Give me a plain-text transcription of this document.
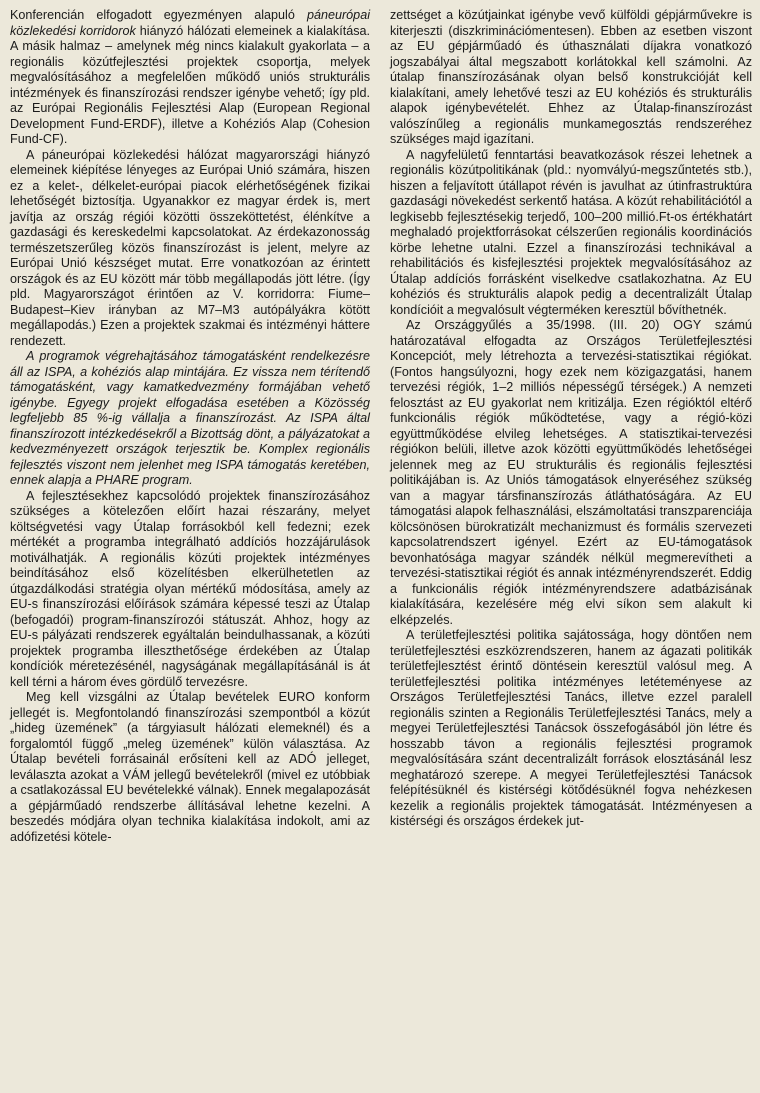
Konferencián elfogadott egyezményen alapuló páneurópai közlekedési korridorok hiányzó hálózati elemeinek a kialakítása. A másik halmaz – amelynek még nincs kialakult gyakorlata – a regionális közútfejlesztési projektek csoportja, melyek megvalósításához a megfelelően működő uniós strukturális intézmények és finanszírozási rendszer igénybe vehető; így pld. az Európai Regionális Fejlesztési Alap (European Regional Development Fund-ERDF), illetve a Kohéziós Alap (Cohesion Fund-CF).

A páneurópai közlekedési hálózat magyarországi hiányzó elemeinek kiépítése lényeges az Európai Unió számára, hiszen ez a kelet-, délkelet-európai piacok elérhetőségének fizikai lehetőségét biztosítja. Ugyanakkor ez magyar érdek is, mert javítja az ország régiói közötti összeköttetést, élénkítve a gazdasági és kereskedelmi kapcsolatokat. Az érdekazonosság természetszerűleg közös finanszírozást is jelent, melyre az Európai Unió készséget mutat. Erre vonatkozóan az érintett országok és az EU között már több megállapodás jött létre. (Így pld. Magyarországot érintően az V. korridorra: Fiume–Budapest–Kiev irányban az M7–M3 autópályákra kötött megállapodás.) Ezen a projektek szakmai és intézményi háttere rendezett.

A programok végrehajtásához támogatásként rendelkezésre áll az ISPA, a kohéziós alap mintájára. Ez vissza nem térítendő támogatásként, vagy kamatkedvezmény formájában vehető igénybe. Egyegy projekt elfogadása esetében a Közösség legfeljebb 85 %-ig vállalja a finanszírozást. Az ISPA által finanszírozott intézkedésekről a Bizottság dönt, a pályázatokat a kedvezményezett országok terjesztik be. Komplex regionális fejlesztés viszont nem jelenhet meg ISPA támogatás keretében, ennek alapja a PHARE program.

A fejlesztésekhez kapcsolódó projektek finanszírozásához szükséges a kötelezően előírt hazai részarány, melyet költségvetési vagy Útalap forrásokból kell fedezni; ezek mértékét a programba integrálható addíciós hozzájárulások motiválhatják. A regionális közúti projektek intézményes beindításához első közelítésben elkerülhetetlen az útgazdálkodási stratégia olyan mértékű módosítása, amely az EU-s finanszírozási előírások számára képessé teszi az Útalap (befogadói) program-finanszírozói státuszát. Ahhoz, hogy az EU-s pályázati rendszerek egyáltalán beindulhassanak, a közúti projektek programba illeszthetősége érdekében az Útalap kondíciók méretezésénél, nagyságának megállapításánál is át kell térni a három éves gördülő tervezésre.

Meg kell vizsgálni az Útalap bevételek EURO konform jellegét is. Megfontolandó finanszírozási szempontból a közút „hideg üzemének” (a tárgyiasult hálózati elemeknél) és a forgalomtól függő „meleg üzemének” külön választása. Az Útalap bevételi forrásainál erősíteni kell az ADÓ jelleget, leválaszta azokat a VÁM jellegű bevételekről (mivel ez utóbbiak a csatlakozással EU bevételekké válnak). Ennek megalapozását a gépjárműadó rendszerbe állításával lehetne kezelni. A beszedés módjára olyan technika kialakítása indokolt, ami az adófizetési kötele-

zettséget a közútjainkat igénybe vevő külföldi gépjárművekre is kiterjeszti (diszkriminációmentesen). Ebben az esetben viszont az EU gépjárműadó és úthasználati díjakra vonatkozó jogszabályai által megszabott korlátokkal kell számolni. Az útalap finanszírozásának olyan belső konstrukcióját kell kialakítani, amely lehetővé teszi az EU kohéziós és strukturális alapok igénybevételét. Ehhez az Útalap-finanszírozást valószínűleg a regionális munkamegosztás rendszeréhez szükséges majd igazítani.

A nagyfelületű fenntartási beavatkozások részei lehetnek a regionális közútpolitikának (pld.: nyomvályú-megszűntetés stb.), hiszen a feljavított útállapot révén is javulhat az útinfrastruktúra gazdasági növekedést serkentő hatása. A közút rehabilitációtól a legkisebb fejlesztésekig terjedő, 100–200 millió.Ft-os értékhatárt meghaladó projektforrásokat célszerűen regionális koordinációs körbe lehetne utalni. Ezzel a finanszírozási technikával a rehabilitációs és kisfejlesztési projektek megvalósításához az Útalap addíciós forrásként viselkedve csatlakozhatna. Az EU kohéziós és strukturális alapok pedig a decentralizált Útalap kondícióit a megvalósult végterméken keresztül bővíthetnék.

Az Országgyűlés a 35/1998. (III. 20) OGY számú határozatával elfogadta az Országos Területfejlesztési Koncepciót, mely létrehozta a tervezési-statisztikai régiókat. (Fontos hangsúlyozni, hogy ezek nem közigazgatási, hanem tervezési régiók, 1–2 milliós népességű térségek.) A nemzeti felosztást az EU gyakorlat nem kritizálja. Ezen régióktól eltérő funkcionális régiók működtetése, vagy a régió-közi együttműködése elvileg lehetséges. A statisztikai-tervezési régiókon belüli, illetve azok közötti együttműködés lehetőségei jelennek meg az EU strukturális és regionális fejlesztési politikájában is. Az Uniós támogatások elnyeréséhez szükség van a magyar társfinanszírozás átláthatóságára. Az EU támogatási alapok felhasználási, elszámoltatási transzparenciája kölcsönösen bürokratizált mechanizmust és formális szervezeti kapcsolatrendszert igényel. Ezért az EU-támogatások bevonhatósága magyar szándék nélkül megmerevítheti a tervezési-statisztikai régiót és annak intézményrendszerét. Eddig a funkcionális régiók intézményrendszere adatbázisának kialakítására, kezelésére még elvi síkon sem alakult ki elképzelés.

A területfejlesztési politika sajátossága, hogy döntően nem területfejlesztési eszközrendszeren, hanem az ágazati politikák területfejlesztést érintő döntésein keresztül valósul meg. A területfejlesztési politika intézményes letéteményese az Országos Területfejlesztési Tanács, illetve ezzel paralell regionális szinten a Regionális Területfejlesztési Tanács, mely a megyei Területfejlesztési Tanácsok összefogásából jön létre és hosszabb távon a regionális fejlesztési programok megvalósítására szánt decentralizált források elosztásánál lesz meghatározó szerepe. A megyei Területfejlesztési Tanácsok felépítésüknél és kistérségi kötődésüknél fogva nehézkesen kezelik a regionális projektek támogatását. Intézményesen a kistérségi és országos érdekek jut-
